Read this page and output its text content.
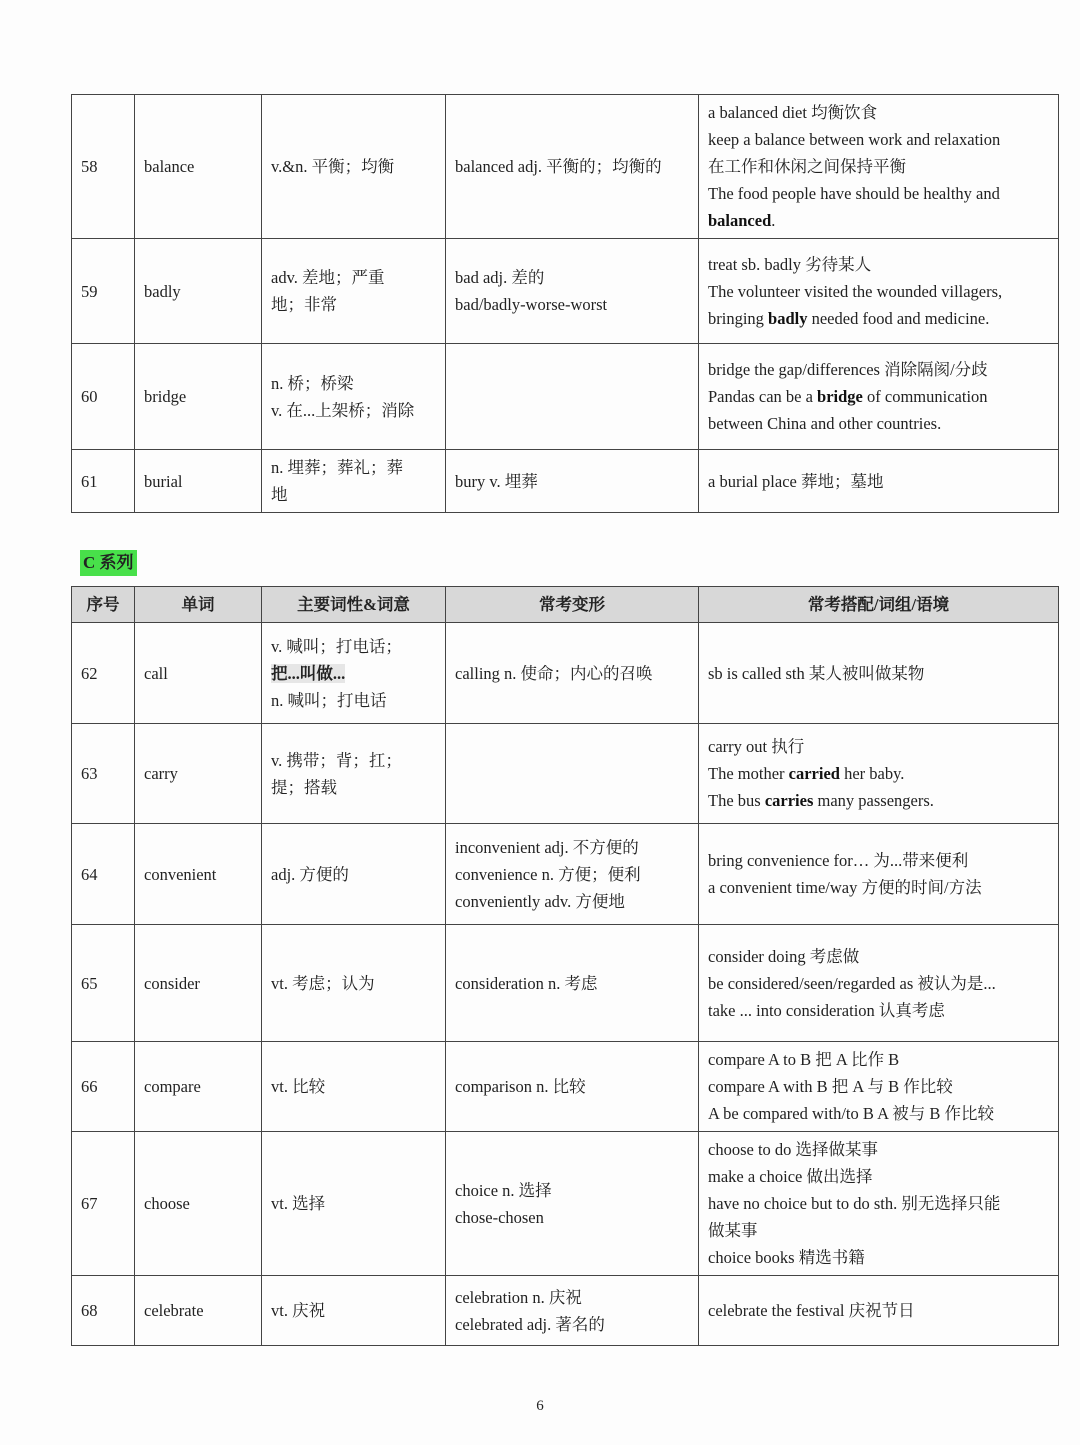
58	balance	v.&n. 平衡；均衡	balanced adj. 平衡的；均衡的	a balanced diet 均衡饮食
keep a balance between work and relaxation
在工作和休闲之间保持平衡
The food people have should be healthy and
balanced.

59	badly	adv. 差地；严重
地；非常	bad adj. 差的
bad/badly-worse-worst	treat sb. badly 劣待某人
The volunteer visited the wounded villagers,
bringing badly needed food and medicine.

60	bridge	n. 桥；桥梁
v. 在...上架桥；消除		bridge the gap/differences 消除隔阂/分歧
Pandas can be a bridge of communication
between China and other countries.

61	burial	n. 埋葬；葬礼；葬
地	bury v. 埋葬	a burial place 葬地；墓地
C 系列
序号	单词	主要词性&词意	常考变形	常考搭配/词组/语境
62	call	v. 喊叫；打电话；
把...叫做...
n. 喊叫；打电话	calling n. 使命；内心的召唤	sb is called sth 某人被叫做某物

63	carry	v. 携带；背；扛；
提；搭载		carry out 执行
The mother carried her baby.
The bus carries many passengers.

64	convenient	adj. 方便的	inconvenient adj. 不方便的
convenience n. 方便；便利
conveniently adv. 方便地	bring convenience for… 为...带来便利
a convenient time/way 方便的时间/方法

65	consider	vt. 考虑；认为	consideration n. 考虑	consider doing 考虑做
be considered/seen/regarded as 被认为是...
take ... into consideration 认真考虑

66	compare	vt. 比较	comparison n. 比较	compare A to B 把 A 比作 B
compare A with B 把 A 与 B 作比较
A be compared with/to B A 被与 B 作比较

67	choose	vt. 选择	choice n. 选择
chose-chosen	choose to do 选择做某事
make a choice 做出选择
have no choice but to do sth. 别无选择只能
做某事
choice books 精选书籍

68	celebrate	vt. 庆祝	celebration n. 庆祝
celebrated adj. 著名的	celebrate the festival 庆祝节日
6
